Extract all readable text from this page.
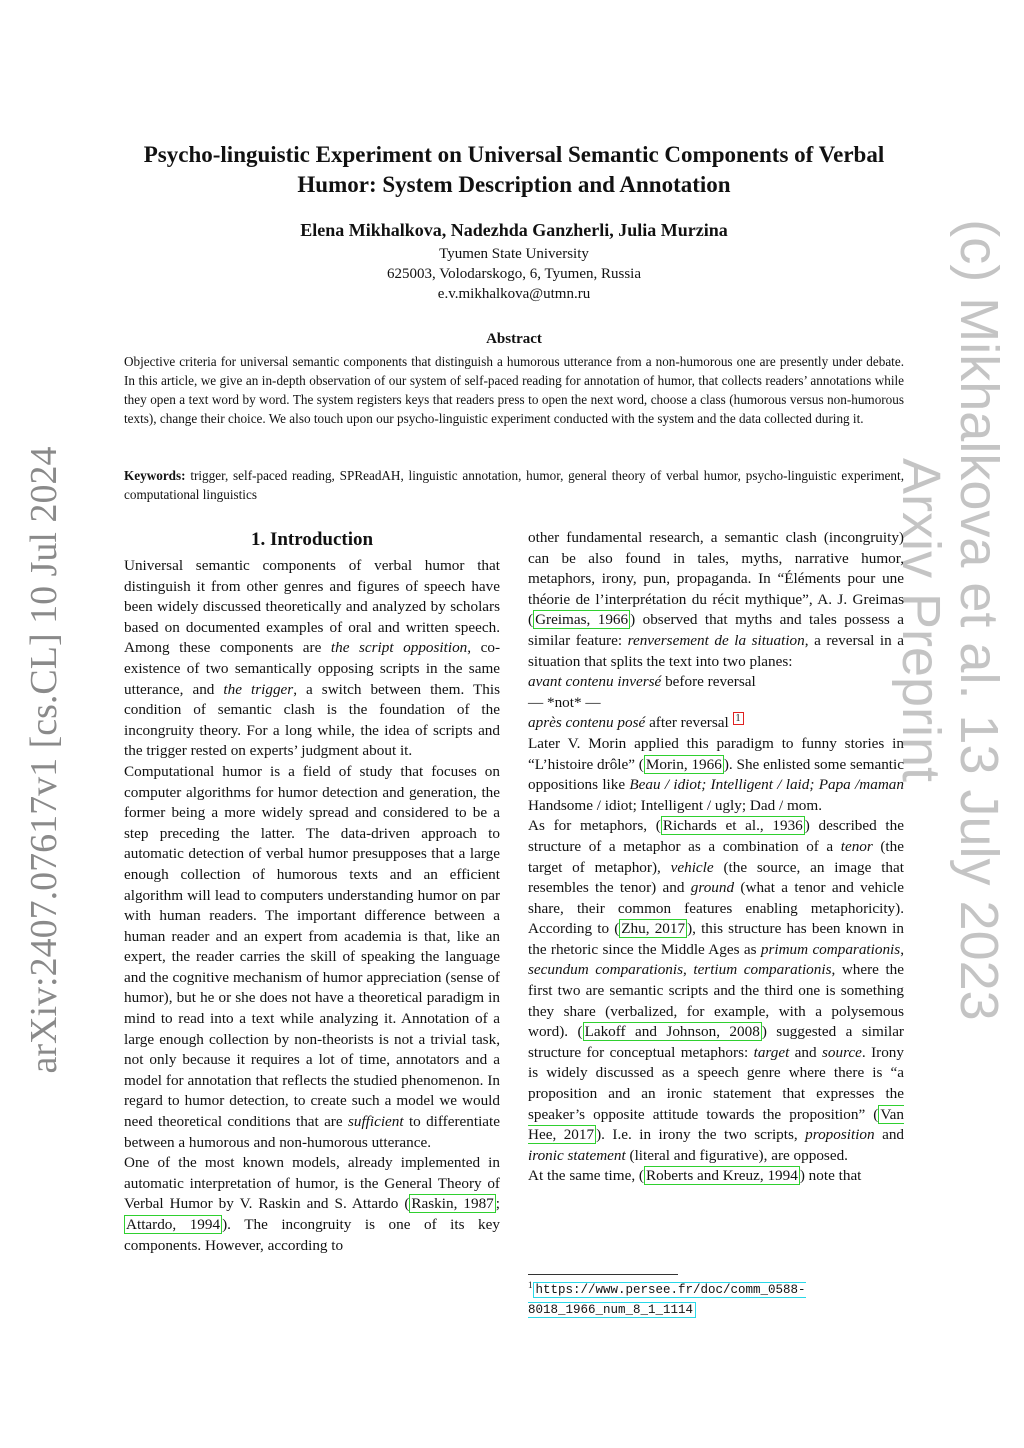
arXiv:2407.07617v1 [cs.CL] 10 Jul 2024	(c) Mikhalkova et al. 13 July 2023
Arxiv Preprint
Psycho-linguistic Experiment on Universal Semantic Components of Verbal Humor: System Description and Annotation
Elena Mikhalkova, Nadezhda Ganzherli, Julia Murzina
Tyumen State University
625003, Volodarskogo, 6, Tyumen, Russia
e.v.mikhalkova@utmn.ru
Abstract
Objective criteria for universal semantic components that distinguish a humorous utterance from a non-humorous one are presently under debate. In this article, we give an in-depth observation of our system of self-paced reading for annotation of humor, that collects readers’ annotations while they open a text word by word. The system registers keys that readers press to open the next word, choose a class (humorous versus non-humorous texts), change their choice. We also touch upon our psycho-linguistic experiment conducted with the system and the data collected during it.
Keywords: trigger, self-paced reading, SPReadAH, linguistic annotation, humor, general theory of verbal humor, psycho-linguistic experiment, computational linguistics
1. Introduction

Universal semantic components of verbal humor that distinguish it from other genres and figures of speech have been widely discussed theoretically and analyzed by scholars based on documented examples of oral and written speech. Among these components are the script opposition, co-existence of two semantically opposing scripts in the same utterance, and the trigger, a switch between them. This condition of semantic clash is the foundation of the incongruity theory. For a long while, the idea of scripts and the trigger rested on experts’ judgment about it.

Computational humor is a field of study that focuses on computer algorithms for humor detection and generation, the former being a more widely spread and considered to be a step preceding the latter. The data-driven approach to automatic detection of verbal humor presupposes that a large enough collection of humorous texts and an efficient algorithm will lead to computers understanding humor on par with human readers. The important difference between a human reader and an expert from academia is that, like an expert, the reader carries the skill of speaking the language and the cognitive mechanism of humor appreciation (sense of humor), but he or she does not have a theoretical paradigm in mind to read into a text while analyzing it. Annotation of a large enough collection by non-theorists is not a trivial task, not only because it requires a lot of time, annotators and a model for annotation that reflects the studied phenomenon. In regard to humor detection, to create such a model we would need theoretical conditions that are sufficient to differentiate between a humorous and non-humorous utterance.

One of the most known models, already implemented in automatic interpretation of humor, is the General Theory of Verbal Humor by V. Raskin and S. Attardo ( Raskin, 1987 ; Attardo, 1994 ). The incongruity is one of its key components. However, according to

other fundamental research, a semantic clash (incongruity) can be also found in tales, myths, narrative humor, metaphors, irony, pun, propaganda. In “Éléments pour une théorie de l’interprétation du récit mythique”, A. J. Greimas ( Greimas, 1966 ) observed that myths and tales possess a similar feature: renversement de la situation, a reversal in a situation that splits the text into two planes:

avant contenu inversé before reversal

— *not* —

après contenu posé after reversal $^1$

Later V. Morin applied this paradigm to funny stories in “L’histoire drôle” ( Morin, 1966 ). She enlisted some semantic oppositions like Beau / idiot; Intelligent / laid; Papa /maman Handsome / idiot; Intelligent / ugly; Dad / mom.

As for metaphors, ( Richards et al., 1936 ) described the structure of a metaphor as a combination of a tenor (the target of metaphor), vehicle (the source, an image that resembles the tenor) and ground (what a tenor and vehicle share, their common features enabling metaphoricity). According to ( Zhu, 2017 ), this structure has been known in the rhetoric since the Middle Ages as primum comparationis, secundum comparationis, tertium comparationis, where the first two are semantic scripts and the third one is something they share (verbalized, for example, with a polysemous word). ( Lakoff and Johnson, 2008 ) suggested a similar structure for conceptual metaphors: target and source. Irony is widely discussed as a speech genre where there is “a proposition and an ironic statement that expresses the speaker’s opposite attitude towards the proposition” ( Van Hee, 2017 ). I.e. in irony the two scripts, proposition and ironic statement (literal and figurative), are opposed.

At the same time, ( Roberts and Kreuz, 1994 ) note that

$^1$ https://www.persee.fr/doc/comm_0588-8018_1966_num_8_1_1114
